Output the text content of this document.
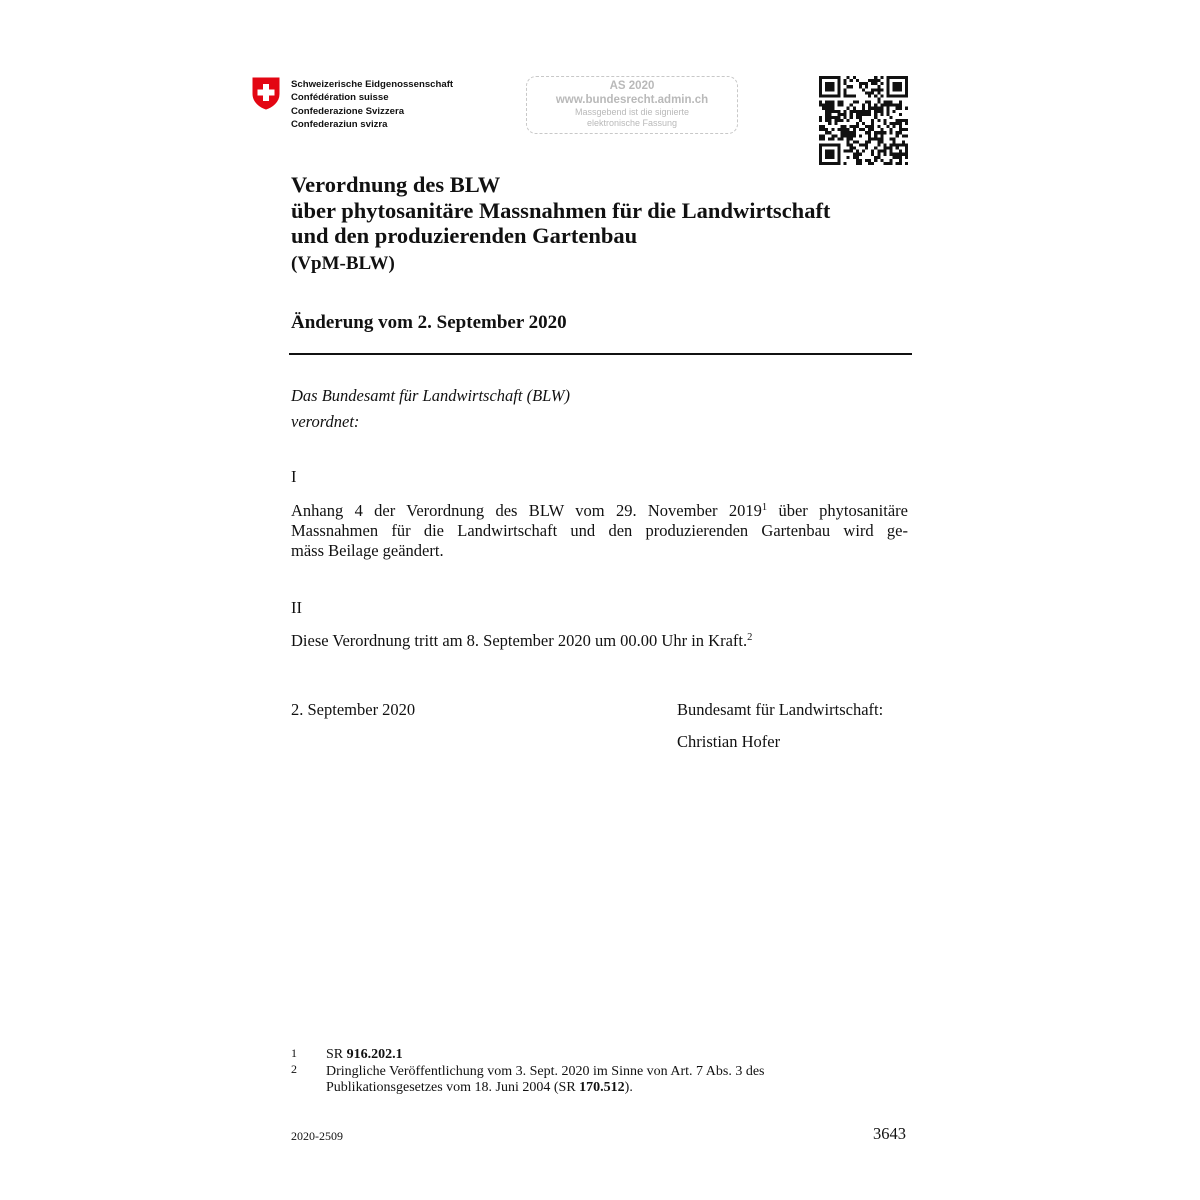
Schweizerische Eidgenossenschaft
Confédération suisse
Confederazione Svizzera
Confederaziun svizra
AS 2020
www.bundesrecht.admin.ch
Massgebend ist die signierte
elektronische Fassung
Verordnung des BLW
über phytosanitäre Massnahmen für die Landwirtschaft
und den produzierenden Gartenbau
(VpM-BLW)
Änderung vom 2. September 2020
Das Bundesamt für Landwirtschaft (BLW)
verordnet:
I
Anhang 4 der Verordnung des BLW vom 29. November 2019$^1$ über phytosanitäre
Massnahmen für die Landwirtschaft und den produzierenden Gartenbau wird ge-
mäss Beilage geändert.
II
Diese Verordnung tritt am 8. September 2020 um 00.00 Uhr in Kraft.$^2$
2. September 2020	Bundesamt für Landwirtschaft:
Christian Hofer
1 SR 916.202.1
2 Dringliche Veröffentlichung vom 3. Sept. 2020 im Sinne von Art. 7 Abs. 3 des
Publikationsgesetzes vom 18. Juni 2004 (SR 170.512).
2020-2509	3643
